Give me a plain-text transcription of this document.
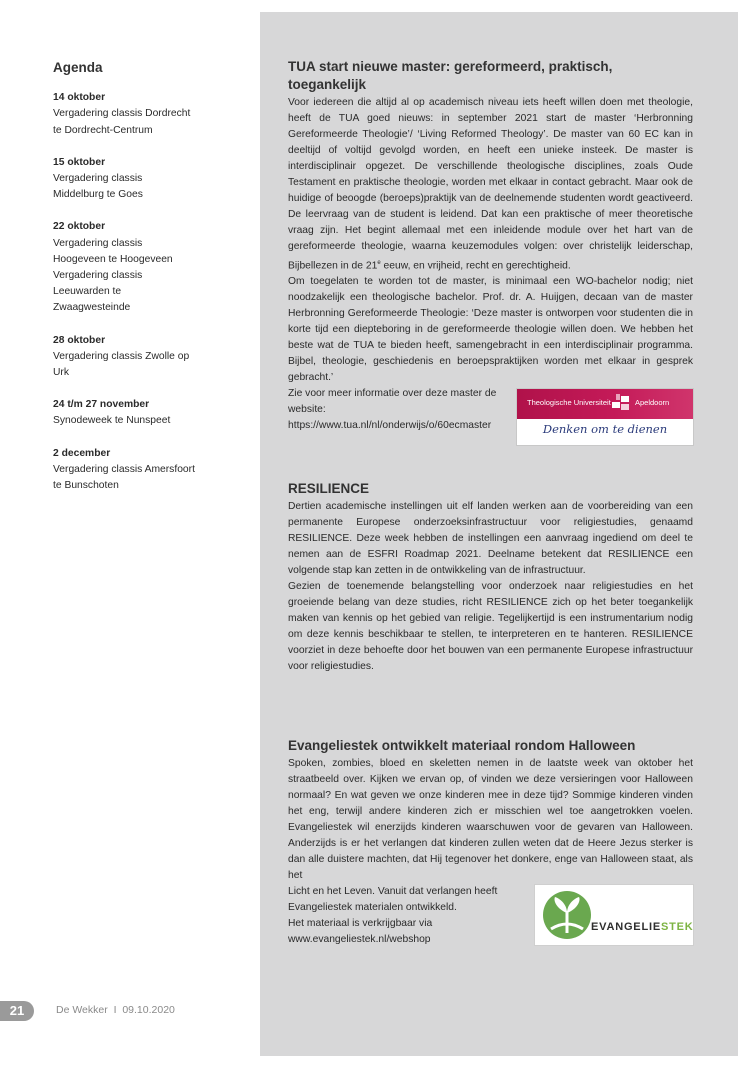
Agenda
14 oktober
Vergadering classis Dordrecht
te Dordrecht-Centrum
15 oktober
Vergadering classis
Middelburg te Goes
22 oktober
Vergadering classis
Hoogeveen te Hoogeveen
Vergadering classis
Leeuwarden te
Zwaagwesteinde
28 oktober
Vergadering classis Zwolle op
Urk
24 t/m 27 november
Synodeweek te Nunspeet
2 december
Vergadering classis Amersfoort
te Bunschoten
TUA start nieuwe master: gereformeerd, praktisch, toegankelijk

Voor iedereen die altijd al op academisch niveau iets heeft willen doen met theologie, heeft de TUA goed nieuws: in september 2021 start de master ‘Herbronning Gereformeerde Theologie’/ ‘Living Reformed Theology’. De master van 60 EC kan in deeltijd of voltijd gevolgd worden, en heeft een unieke insteek. De master is interdisciplinair opgezet. De verschillende theologische disciplines, zoals Oude Testament en praktische theologie, worden met elkaar in contact gebracht. Maar ook de huidige of beoogde (beroeps)praktijk van de deelnemende studenten wordt geactiveerd. De leervraag van de student is leidend. Dat kan een praktische of meer theoretische vraag zijn. Het begint allemaal met een inleidende module over het hart van de gereformeerde theologie, waarna keuzemodules volgen: over christelijk leiderschap, Bijbellezen in de 21e eeuw, en vrijheid, recht en gerechtigheid.

Om toegelaten te worden tot de master, is minimaal een WO-bachelor nodig; niet noodzakelijk een theologische bachelor. Prof. dr. A. Huijgen, decaan van de master Herbronning Gereformeerde Theologie: ‘Deze master is ontworpen voor studenten die in korte tijd een diepteboring in de gereformeerde theologie willen doen. We hebben het beste wat de TUA te bieden heeft, samengebracht in een interdisciplinair programma. Bijbel, theologie, geschiedenis en beroepspraktijken worden met elkaar in gesprek gebracht.’

Zie voor meer informatie over deze master de website: https://www.tua.nl/nl/onderwijs/o/60ecmaster

Theologische Universiteit	Apeldoorn
Denken om te dienen
RESILIENCE

Dertien academische instellingen uit elf landen werken aan de voorbereiding van een permanente Europese onderzoeksinfrastructuur voor religiestudies, genaamd RESILIENCE. Deze week hebben de instellingen een aanvraag ingediend om deel te nemen aan de ESFRI Roadmap 2021. Deelname betekent dat RESILIENCE een volgende stap kan zetten in de ontwikkeling van de infrastructuur.

Gezien de toenemende belangstelling voor onderzoek naar religiestudies en het groeiende belang van deze studies, richt RESILIENCE zich op het beter toegankelijk maken van kennis op het gebied van religie. Tegelijkertijd is een instrumentarium nodig om deze kennis beschikbaar te stellen, te interpreteren en te hanteren. RESILIENCE voorziet in deze behoefte door het bouwen van een permanente Europese infrastructuur voor religiestudies.

Evangeliestek ontwikkelt materiaal rondom Halloween

Spoken, zombies, bloed en skeletten nemen in de laatste week van oktober het straatbeeld over. Kijken we ervan op, of vinden we deze versieringen voor Halloween normaal? En wat geven we onze kinderen mee in deze tijd? Sommige kinderen vinden het eng, terwijl andere kinderen zich er misschien wel toe aangetrokken voelen. Evangeliestek wil enerzijds kinderen waarschuwen voor de gevaren van Halloween. Anderzijds is er het verlangen dat kinderen zullen weten dat de Heere Jezus sterker is dan alle duistere machten, dat Hij tegenover het donkere, enge van Halloween staat, als het

Licht en het Leven. Vanuit dat verlangen heeft Evangeliestek materialen ontwikkeld.

Het materiaal is verkrijgbaar via
www.evangeliestek.nl/webshop

EVANGELIESTEK
21	De Wekker  I  09.10.2020
